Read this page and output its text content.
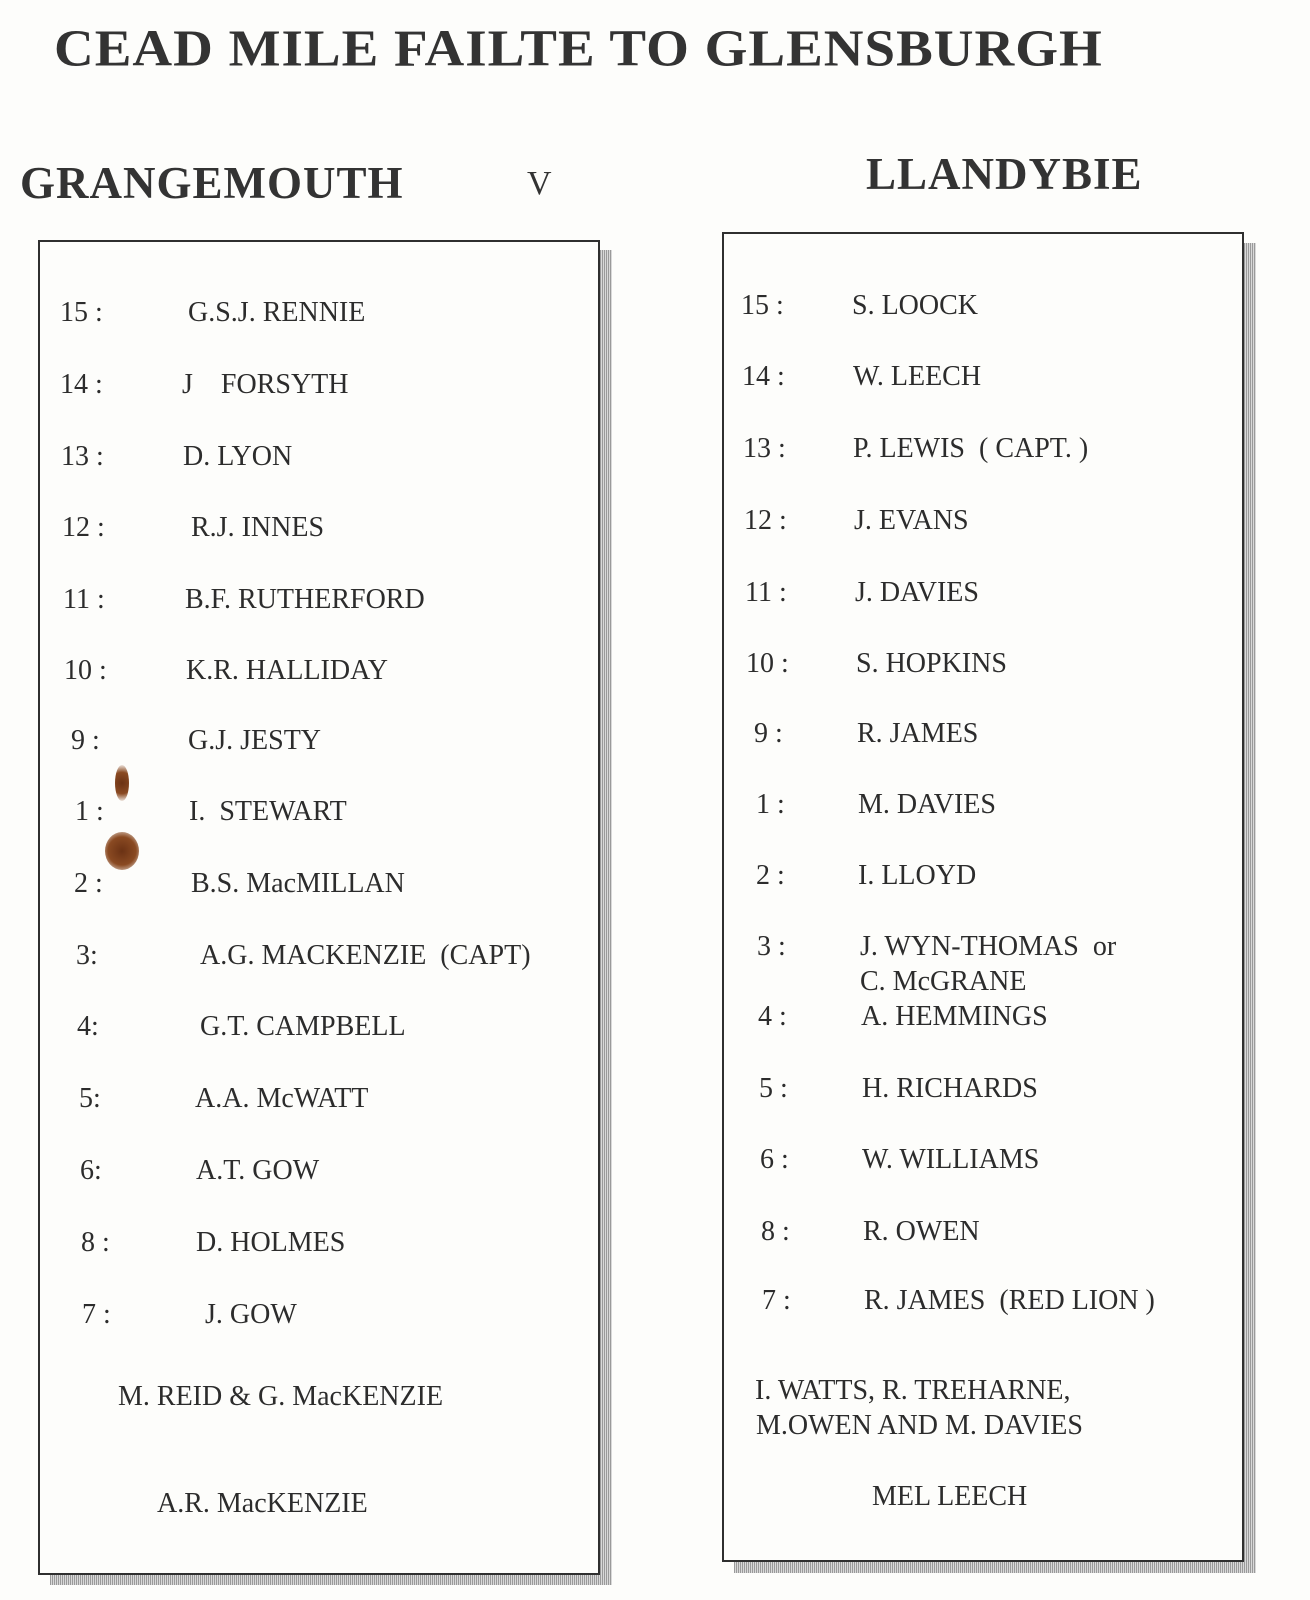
CEAD MILE FAILTE TO GLENSBURGH
GRANGEMOUTH	V	LLANDYBIE
15 :	G.S.J. RENNIE
14 :	J    FORSYTH
13 :	D. LYON
12 :	R.J. INNES
11 :	B.F. RUTHERFORD
10 :	K.R. HALLIDAY
9 :	G.J. JESTY
1 :	I.  STEWART
2 :	B.S. MacMILLAN
3:	A.G. MACKENZIE  (CAPT)
4:	G.T. CAMPBELL
5:	A.A. McWATT
6:	A.T. GOW
8 :	D. HOLMES
7 :	J. GOW
M. REID & G. MacKENZIE
A.R. MacKENZIE
15 : S. LOOCK
14 : W. LEECH
13 : P. LEWIS  ( CAPT. )
12 : J. EVANS
11 : J. DAVIES
10 : S. HOPKINS
9 :	R. JAMES
1 :	M. DAVIES
2 :	I. LLOYD
3 :	J. WYN-THOMAS  or
C. McGRANE
4 :	A. HEMMINGS
5 :	H. RICHARDS
6 :	W. WILLIAMS
8 :	R. OWEN
7 :	R. JAMES  (RED LION )
I. WATTS, R. TREHARNE,
M.OWEN AND M. DAVIES
MEL LEECH
